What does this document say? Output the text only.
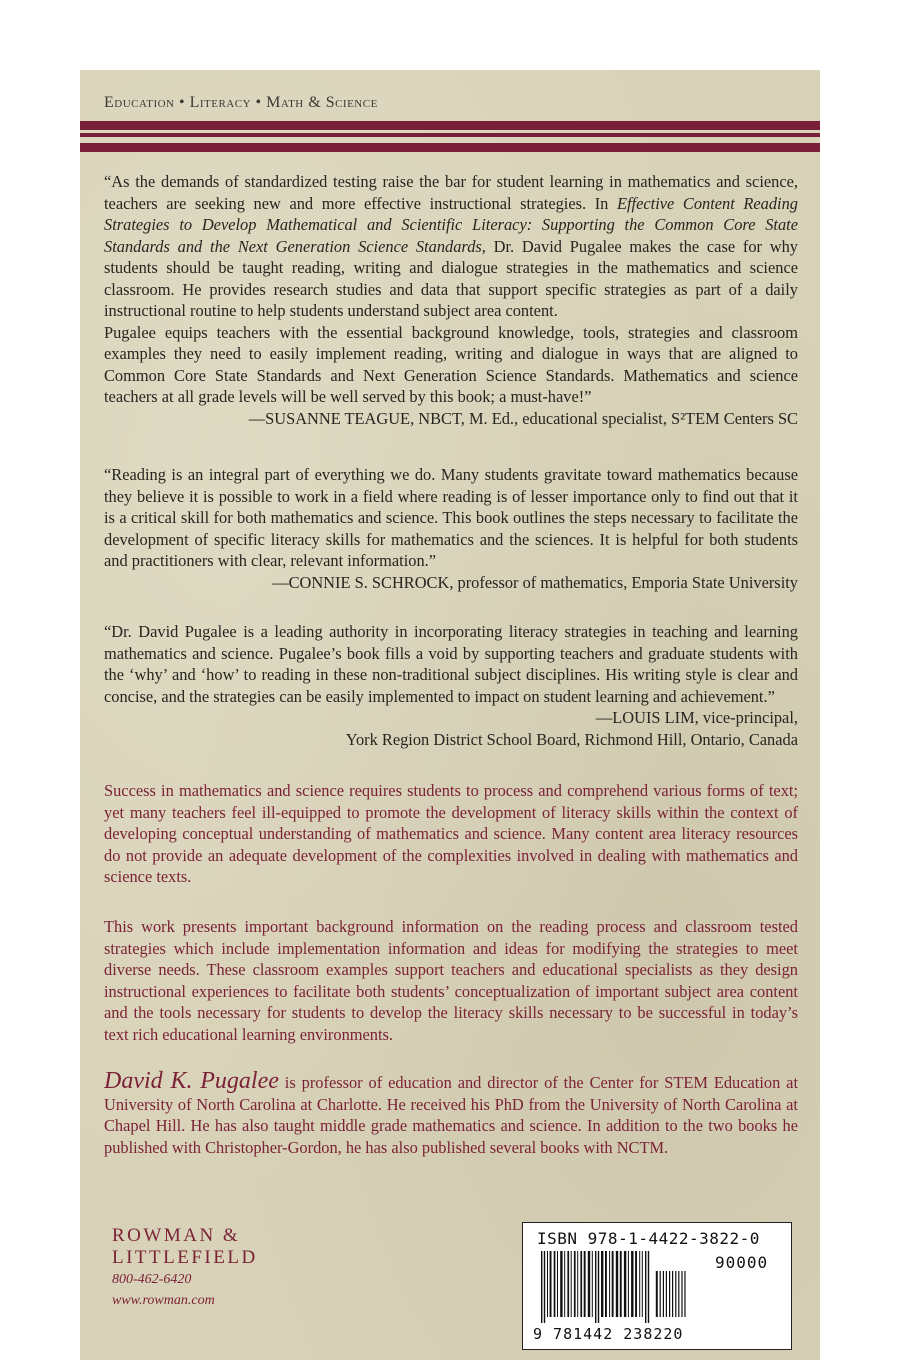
Education • Literacy • Math & Science

“As the demands of standardized testing raise the bar for student learning in mathematics and science, teachers are seeking new and more effective instructional strategies. In Effective Content Reading Strategies to Develop Mathematical and Scientific Literacy: Supporting the Common Core State Standards and the Next Generation Science Standards, Dr. David Pugalee makes the case for why students should be taught reading, writing and dialogue strategies in the mathematics and science classroom. He provides research studies and data that support specific strategies as part of a daily instructional routine to help students understand subject area content.

Pugalee equips teachers with the essential background knowledge, tools, strategies and classroom examples they need to easily implement reading, writing and dialogue in ways that are aligned to Common Core State Standards and Next Generation Science Standards. Mathematics and science teachers at all grade levels will be well served by this book; a must-have!”

—SUSANNE TEAGUE, NBCT, M. Ed., educational specialist, S²TEM Centers SC

“Reading is an integral part of everything we do. Many students gravitate toward mathematics because they believe it is possible to work in a field where reading is of lesser importance only to find out that it is a critical skill for both mathematics and science. This book outlines the steps necessary to facilitate the development of specific literacy skills for mathematics and the sciences. It is helpful for both students and practitioners with clear, relevant information.”

—CONNIE S. SCHROCK, professor of mathematics, Emporia State University

“Dr. David Pugalee is a leading authority in incorporating literacy strategies in teaching and learning mathematics and science. Pugalee’s book fills a void by supporting teachers and graduate students with the ‘why’ and ‘how’ to reading in these non-traditional subject disciplines. His writing style is clear and concise, and the strategies can be easily implemented to impact on student learning and achievement.”

—LOUIS LIM, vice-principal,

York Region District School Board, Richmond Hill, Ontario, Canada

Success in mathematics and science requires students to process and comprehend various forms of text; yet many teachers feel ill-equipped to promote the development of literacy skills within the context of developing conceptual understanding of mathematics and science. Many content area literacy resources do not provide an adequate development of the complexities involved in dealing with mathematics and science texts.

This work presents important background information on the reading process and classroom tested strategies which include implementation information and ideas for modifying the strategies to meet diverse needs. These classroom examples support teachers and educational specialists as they design instructional experiences to facilitate both students’ conceptualization of important subject area content and the tools necessary for students to develop the literacy skills necessary to be successful in today’s text rich educational learning environments.

David K. Pugalee is professor of education and director of the Center for STEM Education at University of North Carolina at Charlotte. He received his PhD from the University of North Carolina at Chapel Hill. He has also taught middle grade mathematics and science. In addition to the two books he published with Christopher-Gordon, he has also published several books with NCTM.

ROWMAN &
LITTLEFIELD
800-462-6420
www.rowman.com
ISBN 978-1-4422-3822-0
90000
9 781442 238220
